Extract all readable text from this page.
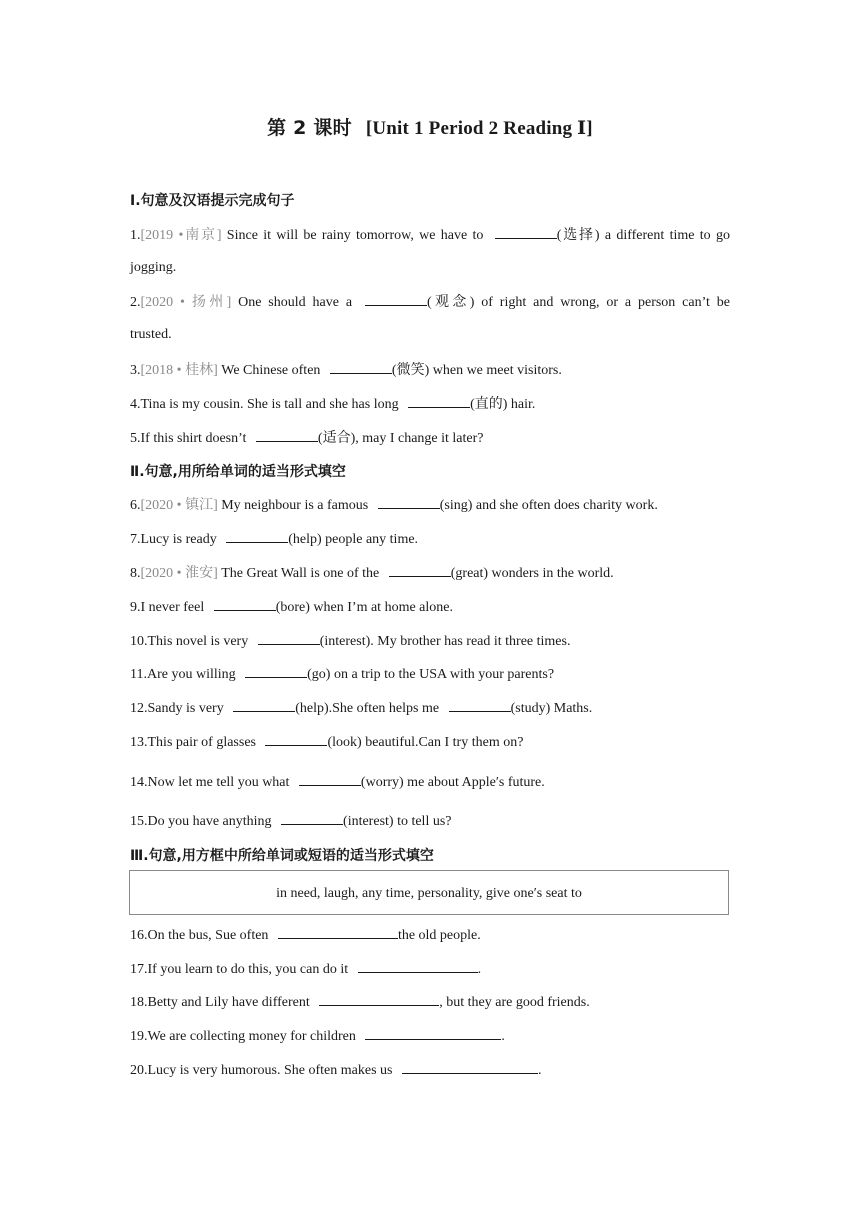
第 2 课时 [Unit 1 Period 2 Reading Ⅰ]
Ⅰ.句意及汉语提示完成句子
1.[2019 •南京] Since it will be rainy tomorrow, we have to	(选择) a different time to go
jogging.
2.[2020 • 扬州] One should have a	(观念) of right and wrong, or a person can’t be
trusted.
3.[2018 • 桂林] We Chinese often	(微笑) when we meet visitors.
4.Tina is my cousin. She is tall and she has long	(直的) hair.
5.If this shirt doesn’t	(适合), may I change it later?
Ⅱ.句意,用所给单词的适当形式填空
6.[2020 • 镇江] My neighbour is a famous	(sing) and she often does charity work.
7.Lucy is ready	(help) people any time.
8.[2020 • 淮安] The Great Wall is one of the	(great) wonders in the world.
9.I never feel	(bore) when I’m at home alone.
10.This novel is very	(interest). My brother has read it three times.
11.Are you willing	(go) on a trip to the USA with your parents?
12.Sandy is very	(help).She often helps me	(study) Maths.
13.This pair of glasses	(look) beautiful.Can I try them on?
14.Now let me tell you what	(worry) me about Apple′s future.
15.Do you have anything	(interest) to tell us?
Ⅲ.句意,用方框中所给单词或短语的适当形式填空
in need, laugh, any time, personality, give one′s seat to
16.On the bus, Sue often	the old people.
17.If you learn to do this, you can do it	.
18.Betty and Lily have different	, but they are good friends.
19.We are collecting money for children	.
20.Lucy is very humorous. She often makes us	.
